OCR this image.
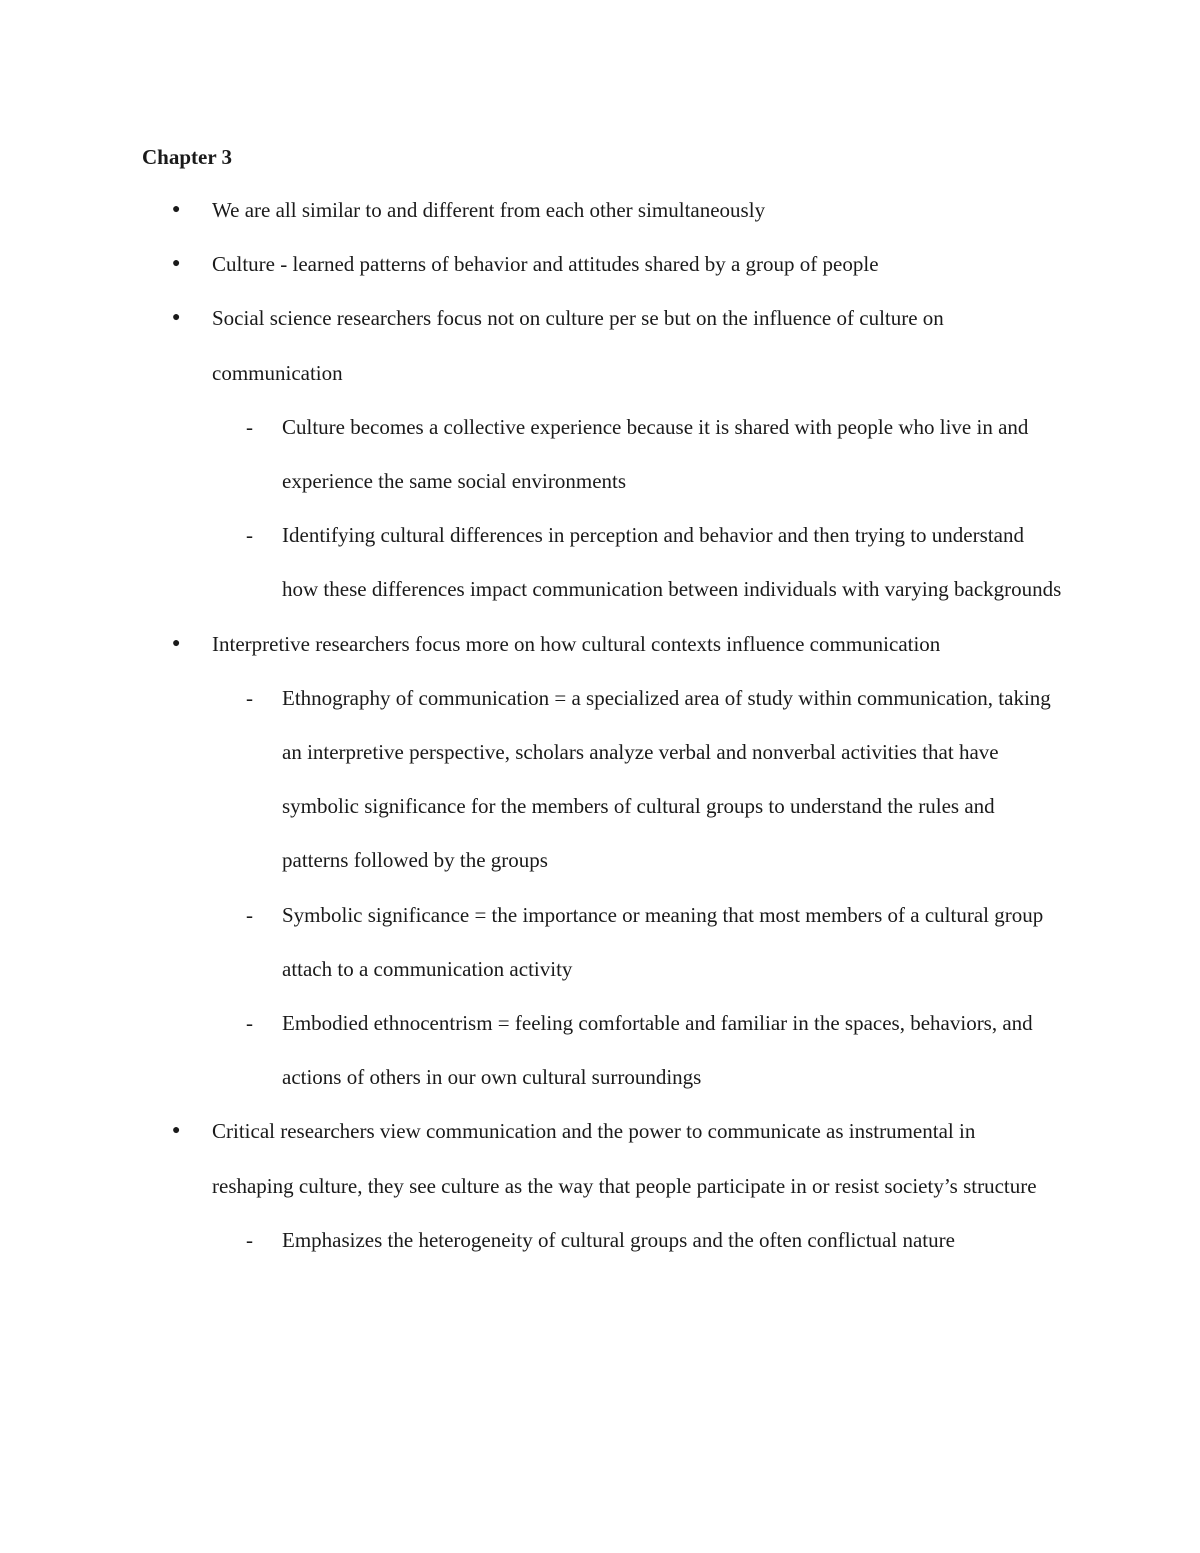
Chapter 3
● We are all similar to and different from each other simultaneously
● Culture - learned patterns of behavior and attitudes shared by a group of people
● Social science researchers focus not on culture per se but on the influence of culture on communication
- Culture becomes a collective experience because it is shared with people who live in and experience the same social environments
- Identifying cultural differences in perception and behavior and then trying to understand how these differences impact communication between individuals with varying backgrounds
● Interpretive researchers focus more on how cultural contexts influence communication
- Ethnography of communication = a specialized area of study within communication, taking an interpretive perspective, scholars analyze verbal and nonverbal activities that have symbolic significance for the members of cultural groups to understand the rules and patterns followed by the groups
- Symbolic significance = the importance or meaning that most members of a cultural group attach to a communication activity
- Embodied ethnocentrism = feeling comfortable and familiar in the spaces, behaviors, and actions of others in our own cultural surroundings
● Critical researchers view communication and the power to communicate as instrumental in reshaping culture, they see culture as the way that people participate in or resist society’s structure
- Emphasizes the heterogeneity of cultural groups and the often conflictual nature
